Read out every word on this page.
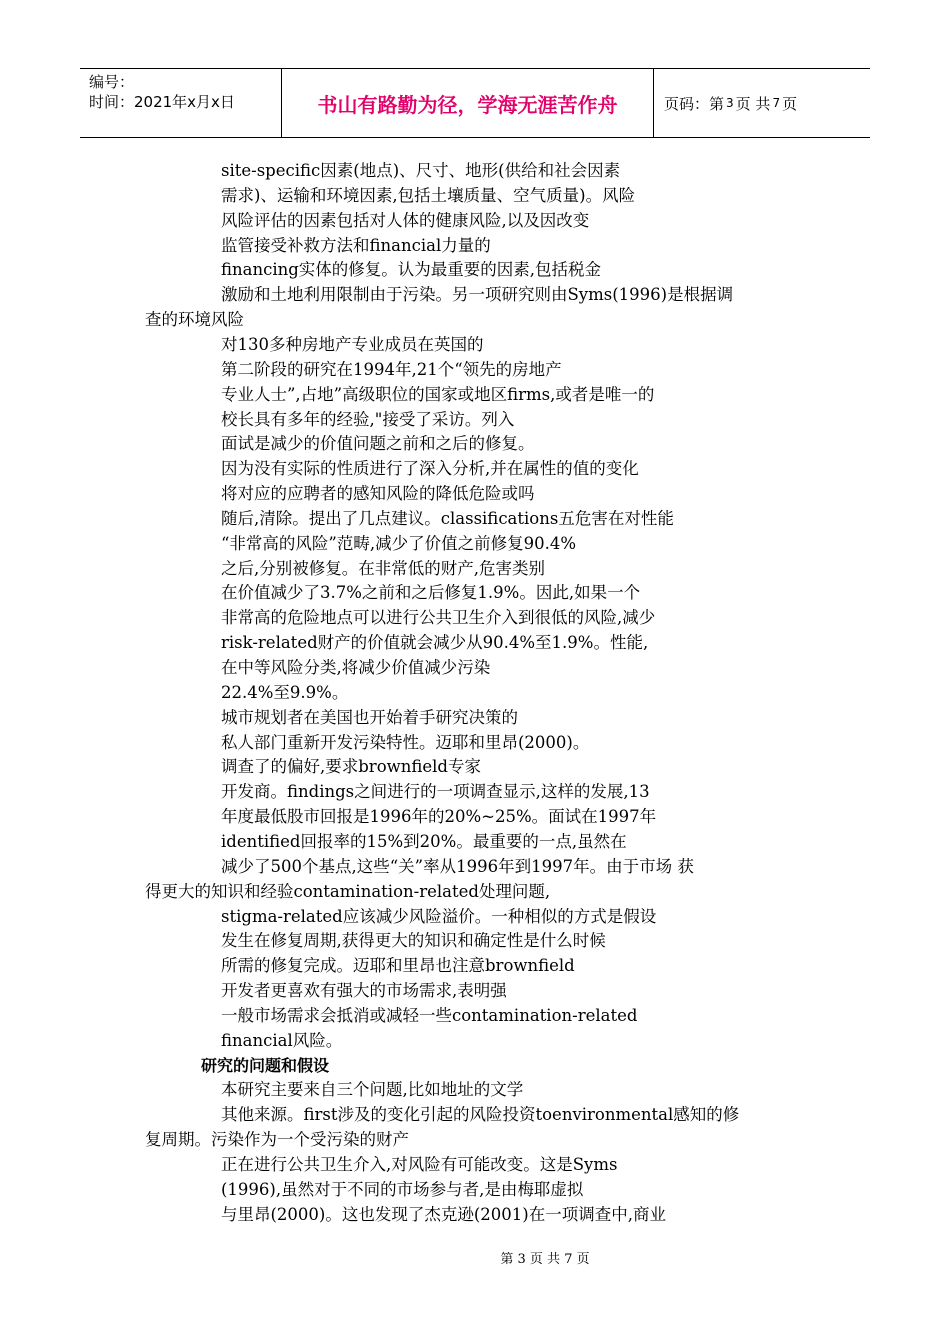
编号：
时间：2021年x月x日	书山有路勤为径，学海无涯苦作舟	页码：第 3 页 共 7 页
site-specific因素(地点)、尺寸、地形(供给和社会因素
需求)、运输和环境因素,包括土壤质量、空气质量)。风险
风险评估的因素包括对人体的健康风险,以及因改变
监管接受补救方法和financial力量的
financing实体的修复。认为最重要的因素,包括税金
激励和土地利用限制由于污染。另一项研究则由Syms(1996)是根据调
查的环境风险
对130多种房地产专业成员在英国的
第二阶段的研究在1994年,21个“领先的房地产
专业人士”,占地”高级职位的国家或地区firms,或者是唯一的
校长具有多年的经验,"接受了采访。列入
面试是减少的价值问题之前和之后的修复。
因为没有实际的性质进行了深入分析,并在属性的值的变化
将对应的应聘者的感知风险的降低危险或吗
随后,清除。提出了几点建议。classifications五危害在对性能
“非常高的风险”范畴,减少了价值之前修复90.4%
之后,分别被修复。在非常低的财产,危害类别
在价值减少了3.7%之前和之后修复1.9%。因此,如果一个
非常高的危险地点可以进行公共卫生介入到很低的风险,减少
risk-related财产的价值就会减少从90.4%至1.9%。性能,
在中等风险分类,将减少价值减少污染
22.4%至9.9%。
城市规划者在美国也开始着手研究决策的
私人部门重新开发污染特性。迈耶和里昂(2000)。
调查了的偏好,要求brownfield专家
开发商。findings之间进行的一项调查显示,这样的发展,13
年度最低股市回报是1996年的20%~25%。面试在1997年
identified回报率的15%到20%。最重要的一点,虽然在
减少了500个基点,这些“关”率从1996年到1997年。由于市场 获
得更大的知识和经验contamination-related处理问题,
stigma-related应该减少风险溢价。一种相似的方式是假设
发生在修复周期,获得更大的知识和确定性是什么时候
所需的修复完成。迈耶和里昂也注意brownfield
开发者更喜欢有强大的市场需求,表明强
一般市场需求会抵消或减轻一些contamination-related
financial风险。
研究的问题和假设
本研究主要来自三个问题,比如地址的文学
其他来源。first涉及的变化引起的风险投资toenvironmental感知的修
复周期。污染作为一个受污染的财产
正在进行公共卫生介入,对风险有可能改变。这是Syms
(1996),虽然对于不同的市场参与者,是由梅耶虚拟
与里昂(2000)。这也发现了杰克逊(2001)在一项调查中,商业
第 3 页 共 7 页
